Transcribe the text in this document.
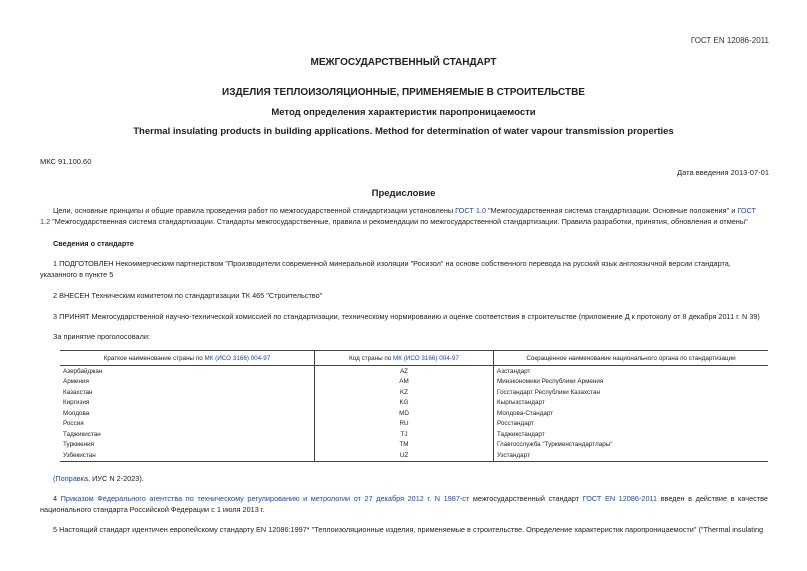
ГОСТ EN 12086-2011
МЕЖГОСУДАРСТВЕННЫЙ СТАНДАРТ
ИЗДЕЛИЯ ТЕПЛОИЗОЛЯЦИОННЫЕ, ПРИМЕНЯЕМЫЕ В СТРОИТЕЛЬСТВЕ
Метод определения характеристик паропроницаемости
Thermal insulating products in building applications. Method for determination of water vapour transmission properties
МКС 91.100.60
Дата введения 2013-07-01
Предисловие
Цели, основные принципы и общие правила проведения работ по межгосударственной стандартизации установлены ГОСТ 1.0 "Межгосударственная система стандартизации. Основные положения" и ГОСТ 1.2 "Межгосударственная система стандартизации. Стандарты межгосударственные, правила и рекомендации по межгосударственной стандартизации. Правила разработки, принятия, обновления и отмены"
Сведения о стандарте
1 ПОДГОТОВЛЕН Некоммерческим партнерством "Производители современной минеральной изоляции "Росизол" на основе собственного перевода на русский язык англоязычной версии стандарта, указанного в пункте 5
2 ВНЕСЕН Техническим комитетом по стандартизации ТК 465 "Строительство"
3 ПРИНЯТ Межгосударственной научно-технической комиссией по стандартизации, техническому нормированию и оценке соответствия в строительстве (приложение Д к протоколу от 8 декабря 2011 г. N 39)
За принятие проголосовали:
Краткое наименование страны по МК (ИСО 3166) 004-97	Код страны по МК (ИСО 3166) 004-97	Сокращенное наименование национального органа по стандартизации
Азербайджан	AZ	Азстандарт
Армения	AM	Минэкономики Республики Армения
Казахстан	KZ	Госстандарт Республики Казахстан
Киргизия	KG	Кыргызстандарт
Молдова	MD	Молдова-Стандарт
Россия	RU	Росстандарт
Таджикистан	TJ	Таджикстандарт
Туркмения	TM	Главгосслужба "Туркменстандартлары"
Узбекистан	UZ	Узстандарт
(Поправка. ИУС N 2-2023).
4 Приказом Федерального агентства по техническому регулированию и метрологии от 27 декабря 2012 г. N 1987-ст межгосударственный стандарт ГОСТ EN 12086-2011 введен в действие в качестве национального стандарта Российской Федерации с 1 июля 2013 г.
5 Настоящий стандарт идентичен европейскому стандарту EN 12086:1997* "Теплоизоляционные изделия, применяемые в строительстве. Определение характеристик паропроницаемости" ("Thermal insulating
